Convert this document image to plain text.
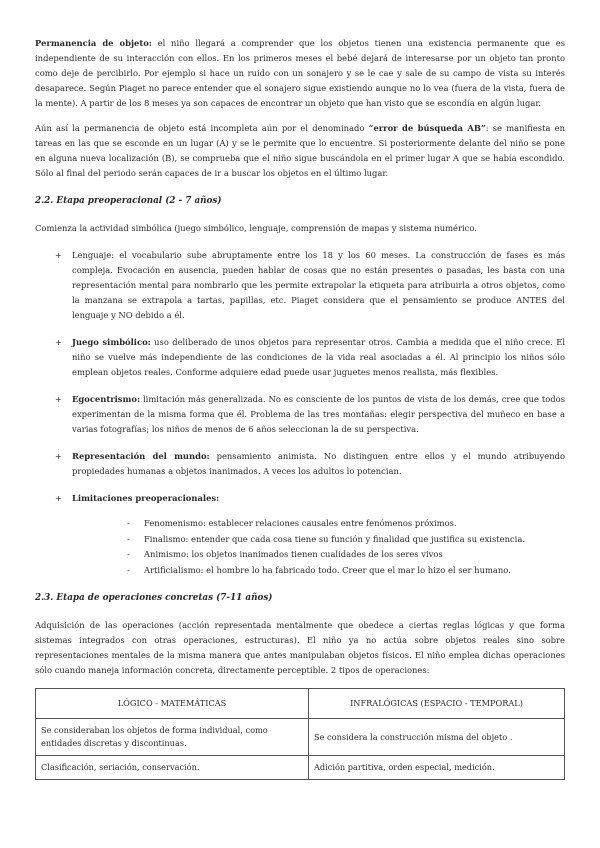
Permanencia de objeto: el niño llegará a comprender que los objetos tienen una existencia permanente que es independiente de su interacción con ellos. En los primeros meses el bebé dejará de interesarse por un objeto tan pronto como deje de percibirlo. Por ejemplo si hace un ruido con un sonajero y se le cae y sale de su campo de vista su interés desaparece. Según Piaget no parece entender que el sonajero sigue existiendo aunque no lo vea (fuera de la vista, fuera de la mente). A partir de los 8 meses ya son capaces de encontrar un objeto que han visto que se escondía en algún lugar.

Aún así la permanencia de objeto está incompleta aún por el denominado “error de búsqueda AB”: se manifiesta en tareas en las que se esconde en un lugar (A) y se le permite que lo encuentre. Si posteriormente delante del niño se pone en alguna nueva localización (B), se comprueba que el niño sigue buscándola en el primer lugar A que se había escondido. Sólo al final del periodo serán capaces de ir a buscar los objetos en el último lugar.

2.2. Etapa preoperacional (2 - 7 años)

Comienza la actividad simbólica (juego simbólico, lenguaje, comprensión de mapas y sistema numérico.

+ Lenguaje: el vocabulario sube abruptamente entre los 18 y los 60 meses. La construcción de fases es más compleja. Evocación en ausencia, pueden hablar de cosas que no están presentes o pasadas, les basta con una representación mental para nombrarlo que les permite extrapolar la etiqueta para atribuirla a otros objetos, como la manzana se extrapola a tartas, papillas, etc. Piaget considera que el pensamiento se produce ANTES del lenguaje y NO debido a él.
+ Juego simbólico: uso deliberado de unos objetos para representar otros. Cambia a medida que el niño crece. El niño se vuelve más independiente de las condiciones de la vida real asociadas a él. Al principio los niños sólo emplean objetos reales. Conforme adquiere edad puede usar juguetes menos realista, más flexibles.
+ Egocentrismo: limitación más generalizada. No es consciente de los puntos de vista de los demás, cree que todos experimentan de la misma forma que él. Problema de las tres montañas: elegir perspectiva del muñeco en base a varias fotografías; los niños de menos de 6 años seleccionan la de su perspectiva.
+ Representación del mundo: pensamiento animista. No distinguen entre ellos y el mundo atribuyendo propiedades humanas a objetos inanimados. A veces los adultos lo potencian.
+ Limitaciones preoperacionales:
- Fenomenismo: establecer relaciones causales entre fenómenos próximos.
- Finalismo: entender que cada cosa tiene su función y finalidad que justifica su existencia.
- Animismo: los objetos inanimados tienen cualidades de los seres vivos
- Artificialismo: el hombre lo ha fabricado todo. Creer que el mar lo hizo el ser humano.
2.3. Etapa de operaciones concretas (7-11 años)

Adquisición de las operaciones (acción representada mentalmente que obedece a ciertas reglas lógicas y que forma sistemas integrados con otras operaciones, estructuras). El niño ya no actúa sobre objetos reales sino sobre representaciones mentales de la misma manera que antes manipulaban objetos físicos. El niño emplea dichas operaciones sólo cuando maneja información concreta, directamente perceptible. 2 tipos de operaciones:

LÓGICO - MATEMÁTICAS	INFRALÓGICAS (ESPACIO - TEMPORAL)
Se consideraban los objetos de forma individual, como entidades discretas y discontinuas.	Se considera la construcción misma del objeto .
Clasificación, seriación, conservación.	Adición partitiva, orden especial, medición.
